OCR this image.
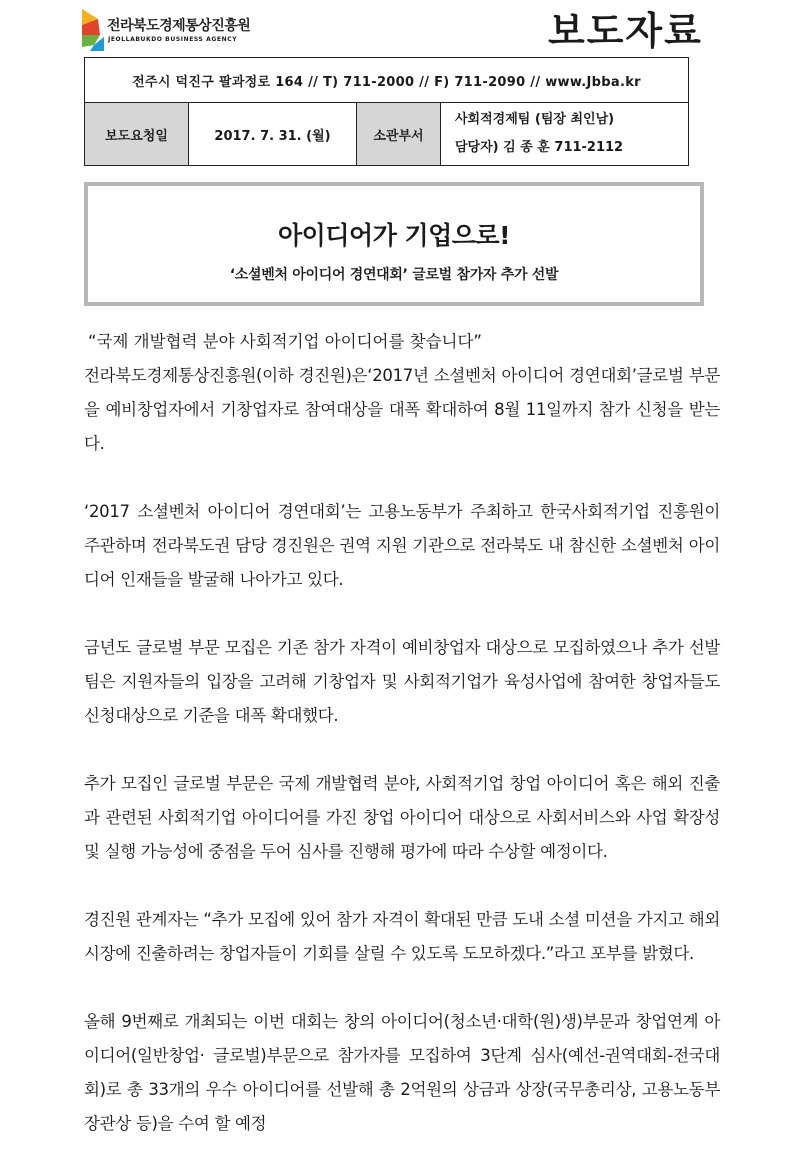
전라북도경제통상진흥원
JEOLLABUKDO BUSINESS AGENCY	보도자료
전주시 덕진구 팔과정로 164 // T) 711-2000 // F) 711-2090 // www.Jbba.kr
보도요청일	2017. 7. 31. (월)	소관부서	
사회적경제팀 (팀장 최인남)
담당자) 김 종 훈 711-2112
아이디어가 기업으로!
‘소셜벤처 아이디어 경연대회’ 글로벌 참가자 추가 선발
“국제 개발협력 분야 사회적기업 아이디어를 찾습니다”

전라북도경제통상진흥원(이하 경진원)은‘2017년 소셜벤처 아이디어 경연대회’글로벌 부문을 예비창업자에서 기창업자로 참여대상을 대폭 확대하여 8월 11일까지 참가 신청을 받는다.

‘2017 소셜벤처 아이디어 경연대회’는 고용노동부가 주최하고 한국사회적기업 진흥원이 주관하며 전라북도권 담당 경진원은 권역 지원 기관으로 전라북도 내 참신한 소셜벤처 아이디어 인재들을 발굴해 나아가고 있다.

금년도 글로벌 부문 모집은 기존 참가 자격이 예비창업자 대상으로 모집하였으나 추가 선발팀은 지원자들의 입장을 고려해 기창업자 및 사회적기업가 육성사업에 참여한 창업자들도 신청대상으로 기준을 대폭 확대했다.

추가 모집인 글로벌 부문은 국제 개발협력 분야, 사회적기업 창업 아이디어 혹은 해외 진출과 관련된 사회적기업 아이디어를 가진 창업 아이디어 대상으로 사회서비스와 사업 확장성 및 실행 가능성에 중점을 두어 심사를 진행해 평가에 따라 수상할 예정이다.

경진원 관계자는 “추가 모집에 있어 참가 자격이 확대된 만큼 도내 소셜 미션을 가지고 해외시장에 진출하려는 창업자들이 기회를 살릴 수 있도록 도모하겠다.”라고 포부를 밝혔다.

올해 9번째로 개최되는 이번 대회는 창의 아이디어(청소년·대학(원)생)부문과 창업연계 아이디어(일반창업· 글로벌)부문으로 참가자를 모집하여 3단계 심사(예선-권역대회-전국대회)로 총 33개의 우수 아이디어를 선발해 총 2억원의 상금과 상장(국무총리상, 고용노동부장관상 등)을 수여 할 예정
